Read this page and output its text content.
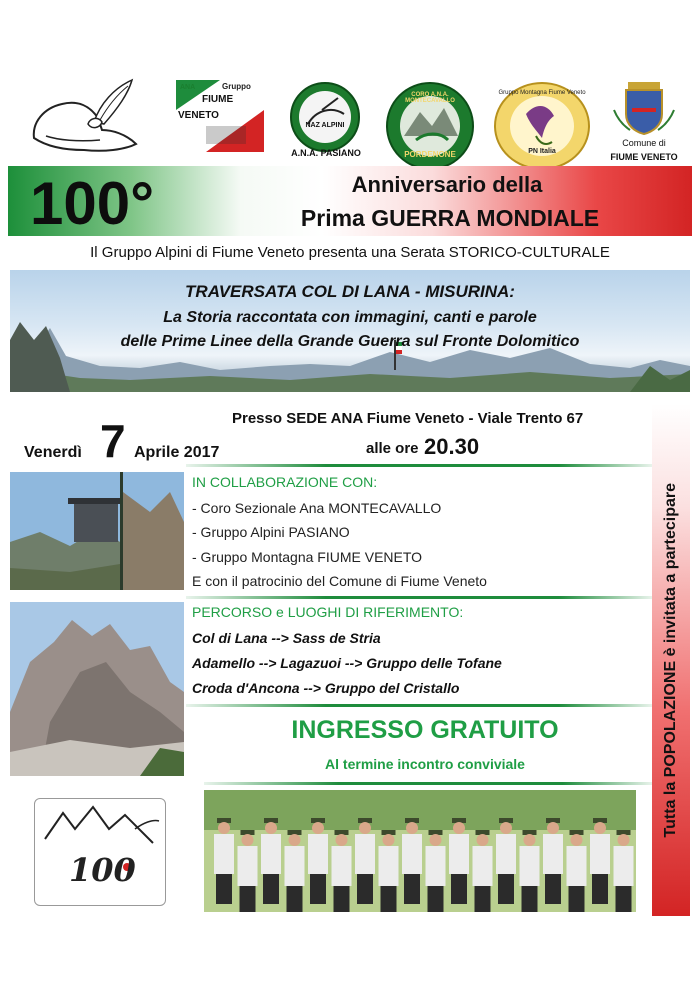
ANA	Gruppo
FIUME
VENETO
NAZ ALPINI
A.N.A. PASIANO
CORO A.N.A. MONTECAVALLO
PORDENONE
Gruppo Montagna Fiume Veneto
PN Italia
Comune di
FIUME VENETO
100°	Anniversario della
Prima GUERRA MONDIALE
Il Gruppo Alpini di Fiume Veneto presenta una Serata STORICO-CULTURALE
TRAVERSATA COL DI LANA - MISURINA:
La Storia raccontata con immagini, canti e parole
delle Prime Linee della Grande Guerra sul Fronte Dolomitico
Presso SEDE ANA Fiume Veneto - Viale Trento 67
Venerdì 7 Aprile 2017	alle ore 20.30
Tutta la POPOLAZIONE è invitata a partecipare
IN COLLABORAZIONE CON:
- Coro Sezionale Ana MONTECAVALLO
- Gruppo Alpini PASIANO
- Gruppo Montagna FIUME VENETO
E con il patrocinio del Comune di Fiume Veneto
PERCORSO e LUOGHI DI RIFERIMENTO:
Col di Lana --> Sass de Stria
Adamello --> Lagazuoi --> Gruppo delle Tofane
Croda d'Ancona --> Gruppo del Cristallo
INGRESSO GRATUITO
Al termine incontro conviviale
100
